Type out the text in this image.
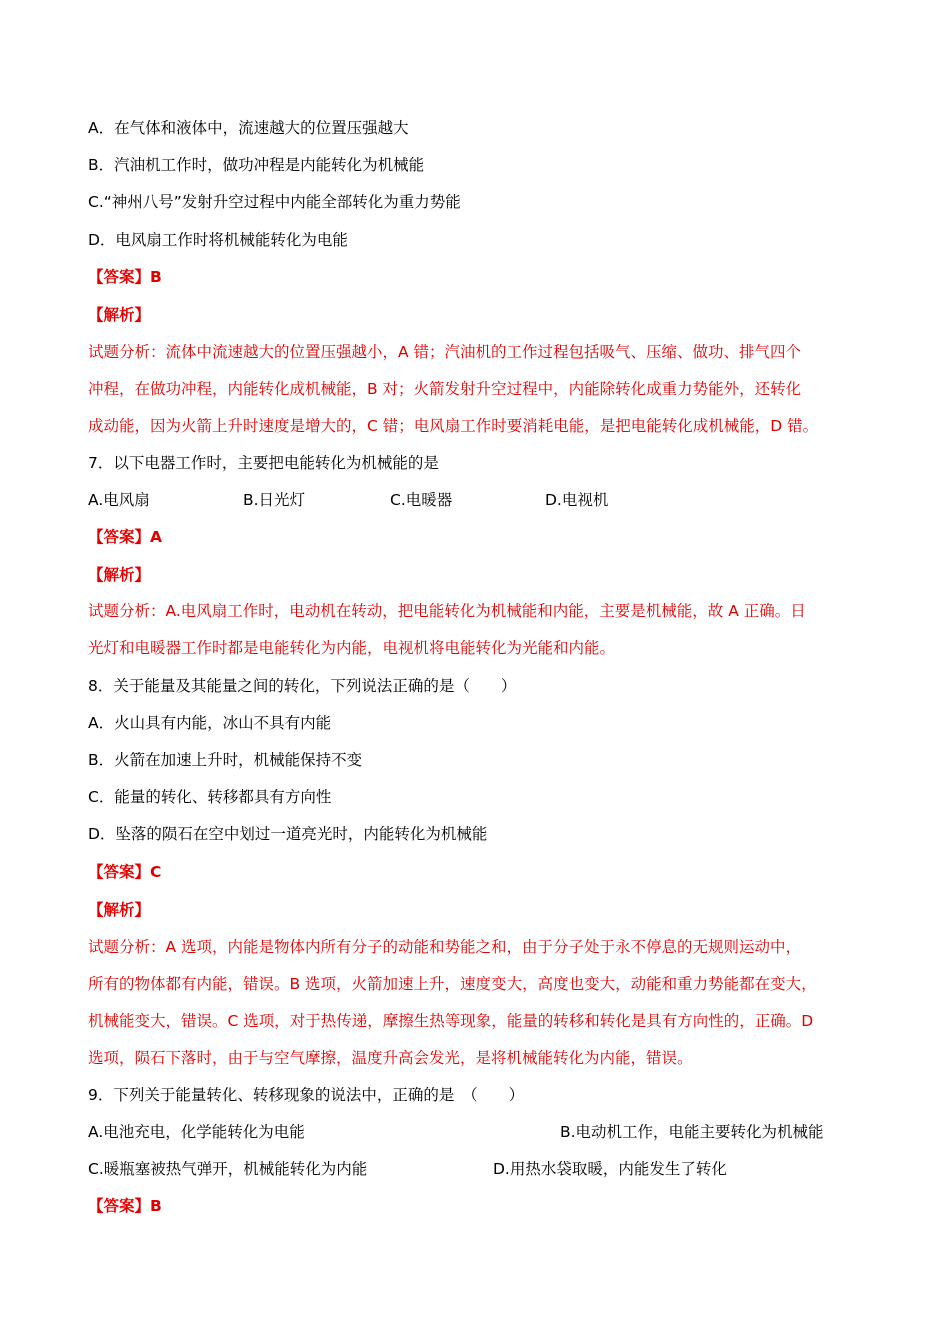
A．在气体和液体中，流速越大的位置压强越大
B．汽油机工作时，做功冲程是内能转化为机械能
C.“神州八号”发射升空过程中内能全部转化为重力势能
D．电风扇工作时将机械能转化为电能
【答案】B
【解析】
试题分析：流体中流速越大的位置压强越小，A 错；汽油机的工作过程包括吸气、压缩、做功、排气四个
冲程，在做功冲程，内能转化成机械能，B 对；火箭发射升空过程中，内能除转化成重力势能外，还转化
成动能，因为火箭上升时速度是增大的，C 错；电风扇工作时要消耗电能，是把电能转化成机械能，D 错。
7．以下电器工作时，主要把电能转化为机械能的是
A.电风扇	B.日光灯	C.电暖器	D.电视机
【答案】A
【解析】
试题分析：A.电风扇工作时，电动机在转动，把电能转化为机械能和内能，主要是机械能，故 A 正确。日
光灯和电暖器工作时都是电能转化为内能，电视机将电能转化为光能和内能。
8．关于能量及其能量之间的转化，下列说法正确的是（　　）
A．火山具有内能，冰山不具有内能
B．火箭在加速上升时，机械能保持不变
C．能量的转化、转移都具有方向性
D．坠落的陨石在空中划过一道亮光时，内能转化为机械能
【答案】C
【解析】
试题分析：A 选项，内能是物体内所有分子的动能和势能之和，由于分子处于永不停息的无规则运动中，
所有的物体都有内能，错误。B 选项，火箭加速上升，速度变大，高度也变大，动能和重力势能都在变大，
机械能变大，错误。C 选项，对于热传递，摩擦生热等现象，能量的转移和转化是具有方向性的，正确。D
选项，陨石下落时，由于与空气摩擦，温度升高会发光，是将机械能转化为内能，错误。
9．下列关于能量转化、转移现象的说法中，正确的是　（　　）
A.电池充电，化学能转化为电能	B.电动机工作，电能主要转化为机械能
C.暖瓶塞被热气弹开，机械能转化为内能	D.用热水袋取暖，内能发生了转化
【答案】B
